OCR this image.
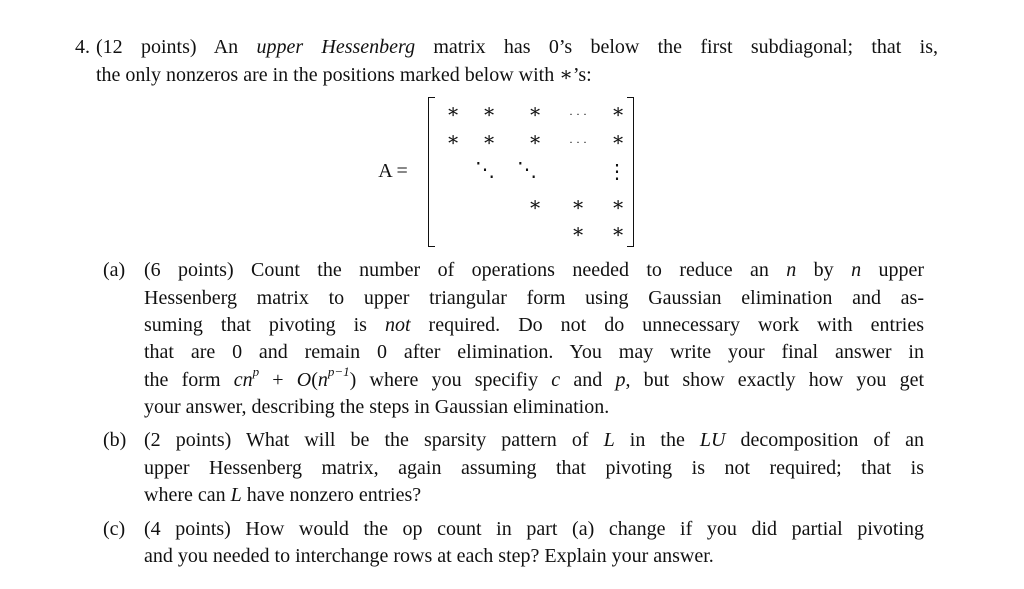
4. (12 points) An upper Hessenberg matrix has 0’s below the first subdiagonal; that is,
the only nonzeros are in the positions marked below with ∗’s:
(a) (6 points) Count the number of operations needed to reduce an n by n upper
Hessenberg matrix to upper triangular form using Gaussian elimination and as-
suming that pivoting is not required. Do not do unnecessary work with entries
that are 0 and remain 0 after elimination. You may write your final answer in
the form $cn^p + O(n^{p-1})$ where you specifiy c and p, but show exactly how you get
your answer, describing the steps in Gaussian elimination.
(b) (2 points) What will be the sparsity pattern of L in the LU decomposition of an
upper Hessenberg matrix, again assuming that pivoting is not required; that is
where can L have nonzero entries?
(c) (4 points) How would the op count in part (a) change if you did partial pivoting
and you needed to interchange rows at each step? Explain your answer.
A =
∗ ∗ ∗ · · · ∗
∗ ∗ ∗ · · · ∗
⋱ ⋱	⋮
∗ ∗ ∗
∗ ∗
